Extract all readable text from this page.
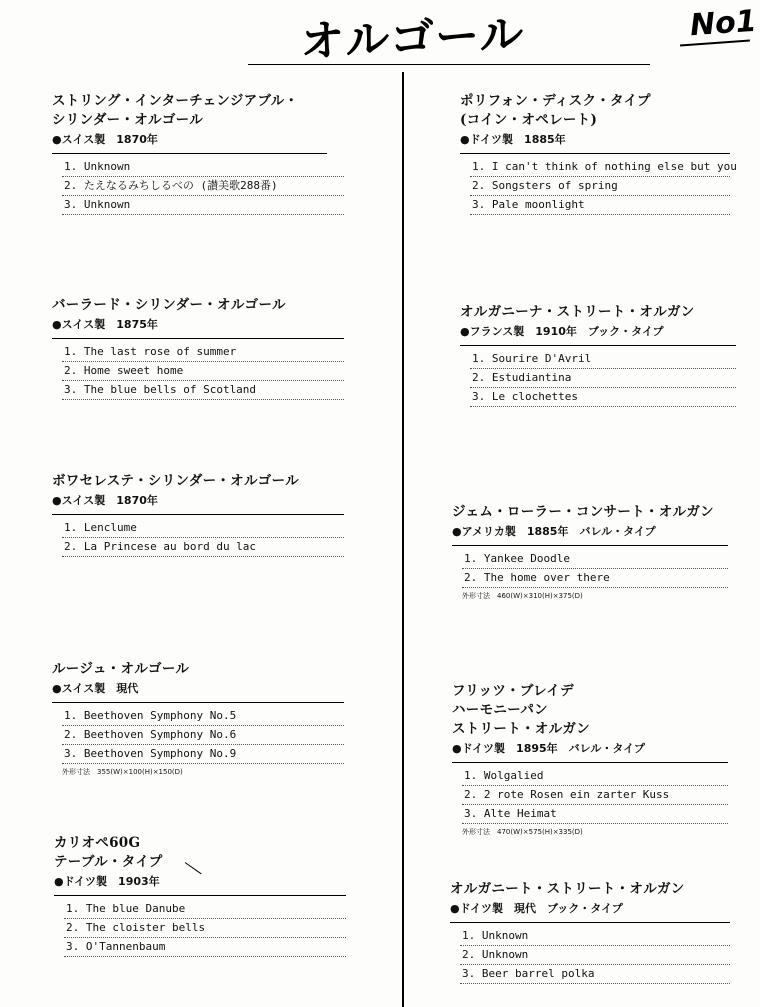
オルゴール	No1
ストリング・インターチェンジアブル・
シリンダー・オルゴール
●スイス製　1870年
1. Unknown
2. たえなるみちしるべの (讃美歌288番)
3. Unknown
バーラード・シリンダー・オルゴール
●スイス製　1875年
1. The last rose of summer
2. Home sweet home
3. The blue bells of Scotland
ボワセレステ・シリンダー・オルゴール
●スイス製　1870年
1. Lenclume
2. La Princese au bord du lac
ルージュ・オルゴール
●スイス製　現代
1. Beethoven Symphony No.5
2. Beethoven Symphony No.6
3. Beethoven Symphony No.9
外形寸法　355(W)×100(H)×150(D)
カリオペ60G
テーブル・タイプ
●ドイツ製　1903年
1. The blue Danube
2. The cloister bells
3. O'Tannenbaum
ポリフォン・ディスク・タイプ
(コイン・オペレート)
●ドイツ製　1885年
1. I can't think of nothing else but you
2. Songsters of spring
3. Pale moonlight
オルガニーナ・ストリート・オルガン
●フランス製　1910年　ブック・タイプ
1. Sourire D'Avril
2. Estudiantina
3. Le clochettes
ジェム・ローラー・コンサート・オルガン
●アメリカ製　1885年　バレル・タイプ
1. Yankee Doodle
2. The home over there
外形寸法　460(W)×310(H)×375(D)
フリッツ・ブレイデ
ハーモニーパン
ストリート・オルガン
●ドイツ製　1895年　バレル・タイプ
1. Wolgalied
2. 2 rote Rosen ein zarter Kuss
3. Alte Heimat
外形寸法　470(W)×575(H)×335(D)
オルガニート・ストリート・オルガン
●ドイツ製　現代　ブック・タイプ
1. Unknown
2. Unknown
3. Beer barrel polka
